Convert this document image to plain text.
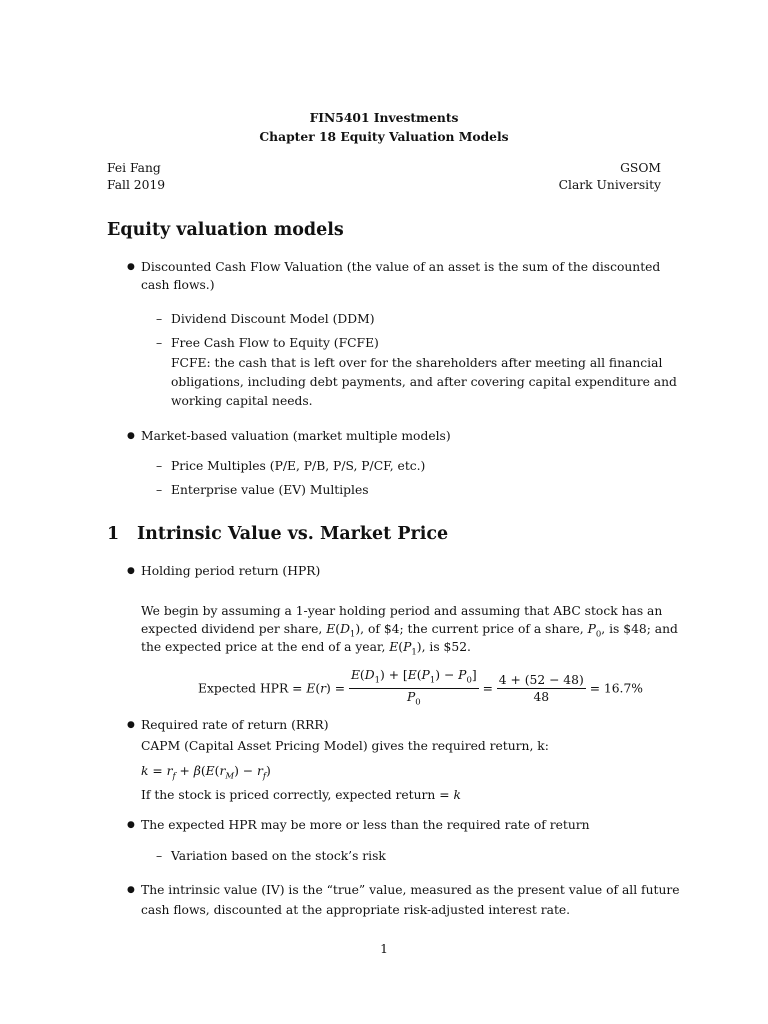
FIN5401 Investments
Chapter 18 Equity Valuation Models
Fei Fang
Fall 2019
GSOM
Clark University
Equity valuation models
● Discounted Cash Flow Valuation (the value of an asset is the sum of the discounted
cash flows.)
– Dividend Discount Model (DDM)
– Free Cash Flow to Equity (FCFE)
FCFE: the cash that is left over for the shareholders after meeting all financial
obligations, including debt payments, and after covering capital expenditure and
working capital needs.
● Market-based valuation (market multiple models)
– Price Multiples (P/E, P/B, P/S, P/CF, etc.)
– Enterprise value (EV) Multiples
1 Intrinsic Value vs. Market Price
● Holding period return (HPR)
We begin by assuming a 1-year holding period and assuming that ABC stock has an
expected dividend per share, $E(D_1)$, of $4; the current price of a share, $P_0$, is $48; and
the expected price at the end of a year, $E(P_1)$, is $52.
Expected HPR = $E(r) = \frac{E(D_1) + [E(P_1) - P_0]}{P_0} = \frac{4 + (52 - 48)}{48} = 16.7\%$
● Required rate of return (RRR)
CAPM (Capital Asset Pricing Model) gives the required return, k:
$k = r_f + \beta(E(r_M) - r_f)$
If the stock is priced correctly, expected return = k
● The expected HPR may be more or less than the required rate of return
– Variation based on the stock’s risk
● The intrinsic value (IV) is the “true” value, measured as the present value of all future
cash flows, discounted at the appropriate risk-adjusted interest rate.
1
